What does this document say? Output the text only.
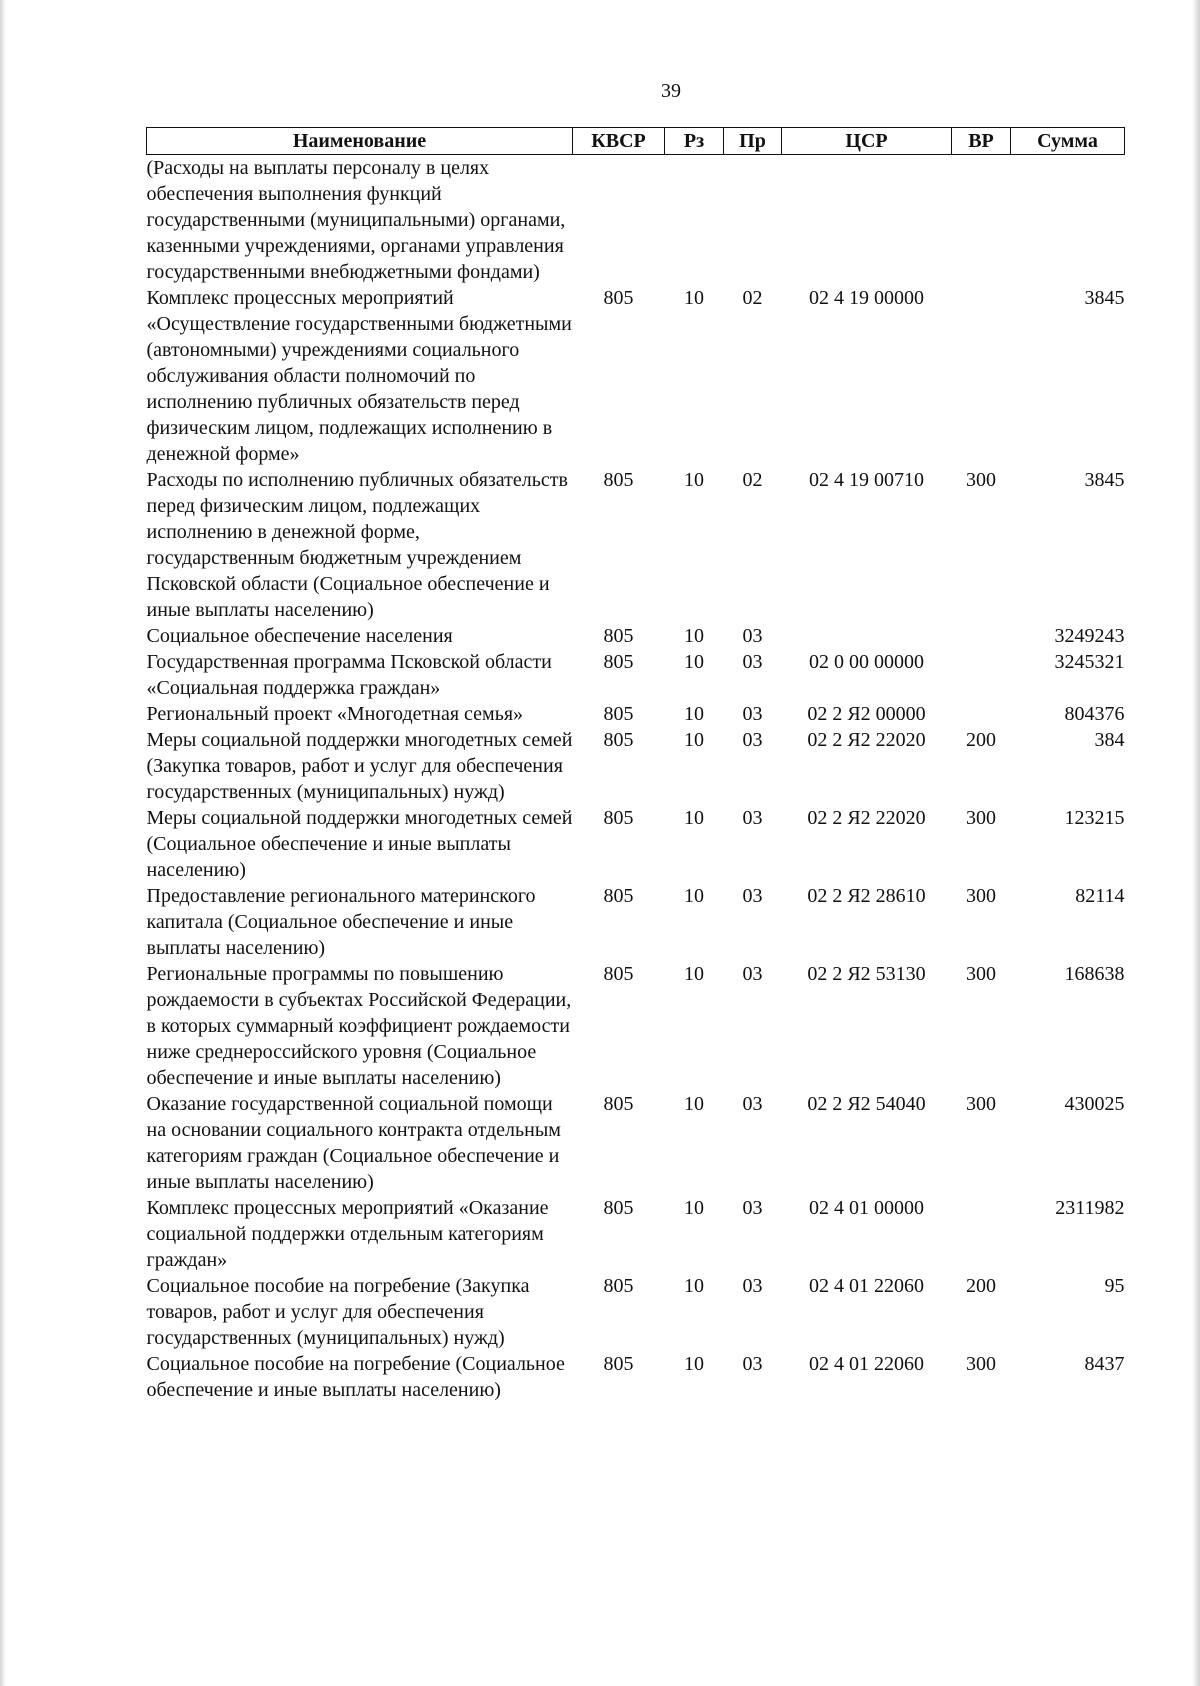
39
Наименование	КВСР	Рз	Пр	ЦСР	ВР	Сумма
(Расходы на выплаты персоналу в целях обеспечения выполнения функций государственными (муниципальными) органами, казенными учреждениями, органами управления государственными внебюджетными фондами)						
Комплекс процессных мероприятий «Осуществление государственными бюджетными (автономными) учреждениями социального обслуживания области полномочий по исполнению публичных обязательств перед физическим лицом, подлежащих исполнению в денежной форме»	805	10	02	02 4 19 00000		3845
Расходы по исполнению публичных обязательств перед физическим лицом, подлежащих исполнению в денежной форме, государственным бюджетным учреждением Псковской области (Социальное обеспечение и иные выплаты населению)	805	10	02	02 4 19 00710	300	3845
Социальное обеспечение населения	805	10	03			3249243
Государственная программа Псковской области «Социальная поддержка граждан»	805	10	03	02 0 00 00000		3245321
Региональный проект «Многодетная семья»	805	10	03	02 2 Я2 00000		804376
Меры социальной поддержки многодетных семей (Закупка товаров, работ и услуг для обеспечения государственных (муниципальных) нужд)	805	10	03	02 2 Я2 22020	200	384
Меры социальной поддержки многодетных семей (Социальное обеспечение и иные выплаты населению)	805	10	03	02 2 Я2 22020	300	123215
Предоставление регионального материнского капитала (Социальное обеспечение и иные выплаты населению)	805	10	03	02 2 Я2 28610	300	82114
Региональные программы по повышению рождаемости в субъектах Российской Федерации, в которых суммарный коэффициент рождаемости ниже среднероссийского уровня (Социальное обеспечение и иные выплаты населению)	805	10	03	02 2 Я2 53130	300	168638
Оказание государственной социальной помощи на основании социального контракта отдельным категориям граждан (Социальное обеспечение и иные выплаты населению)	805	10	03	02 2 Я2 54040	300	430025
Комплекс процессных мероприятий «Оказание социальной поддержки отдельным категориям граждан»	805	10	03	02 4 01 00000		2311982
Социальное пособие на погребение (Закупка товаров, работ и услуг для обеспечения государственных (муниципальных) нужд)	805	10	03	02 4 01 22060	200	95
Социальное пособие на погребение (Социальное обеспечение и иные выплаты населению)	805	10	03	02 4 01 22060	300	8437
